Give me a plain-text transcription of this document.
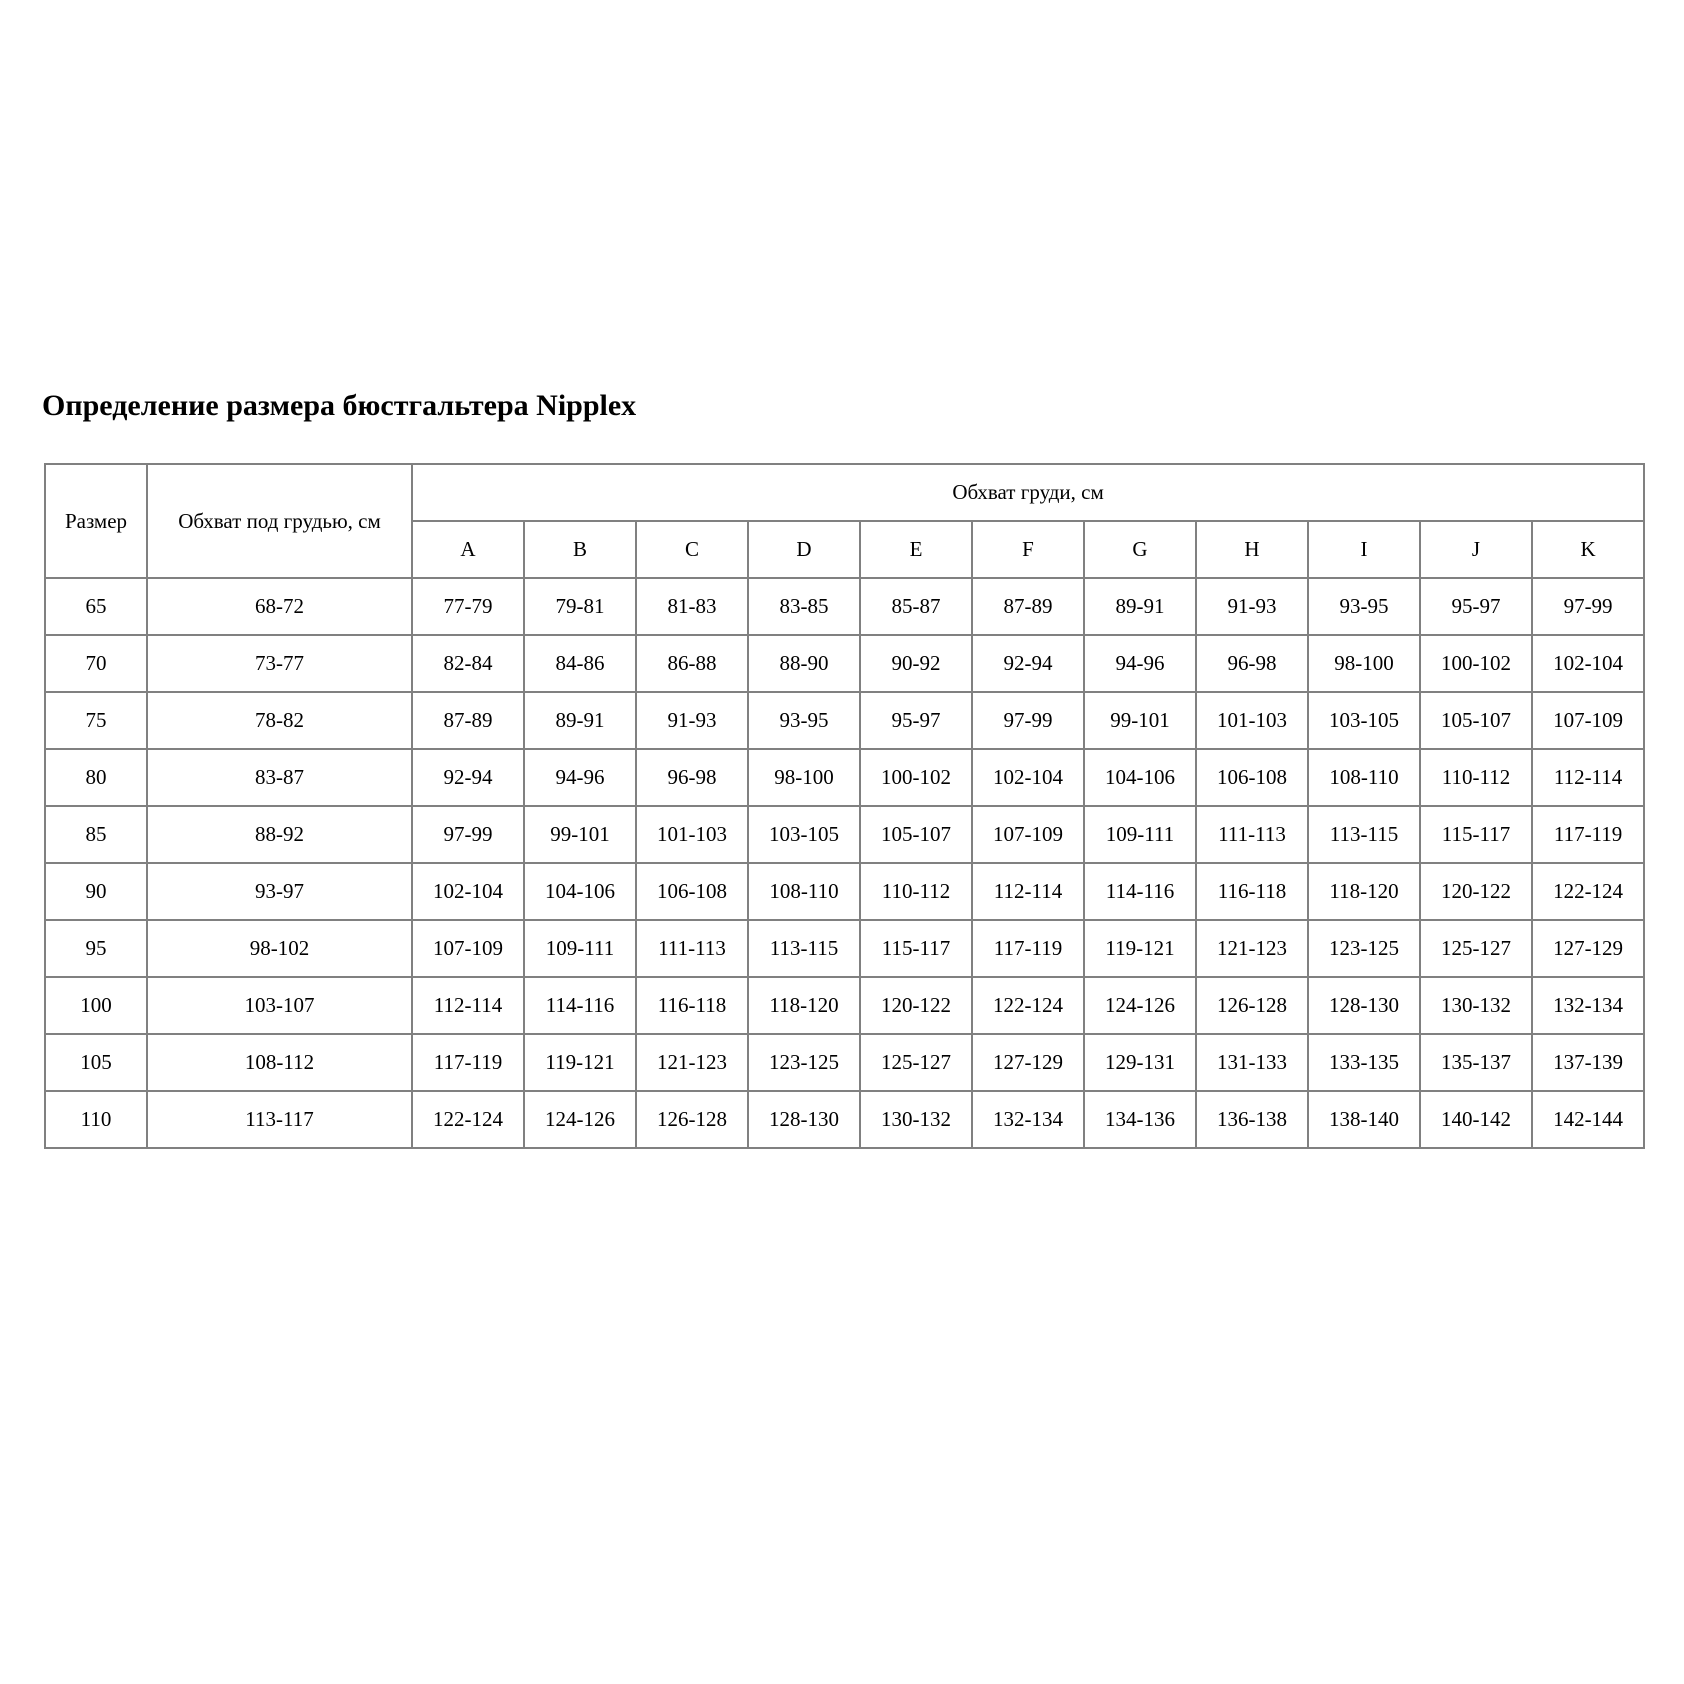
Определение размера бюстгальтера Nipplex
Размер	Обхват под грудью, см	Обхват груди, см										
		A	B	C	D	E	F	G	H	I	J	K
65	68-72	77-79	79-81	81-83	83-85	85-87	87-89	89-91	91-93	93-95	95-97	97-99
70	73-77	82-84	84-86	86-88	88-90	90-92	92-94	94-96	96-98	98-100	100-102	102-104
75	78-82	87-89	89-91	91-93	93-95	95-97	97-99	99-101	101-103	103-105	105-107	107-109
80	83-87	92-94	94-96	96-98	98-100	100-102	102-104	104-106	106-108	108-110	110-112	112-114
85	88-92	97-99	99-101	101-103	103-105	105-107	107-109	109-111	111-113	113-115	115-117	117-119
90	93-97	102-104	104-106	106-108	108-110	110-112	112-114	114-116	116-118	118-120	120-122	122-124
95	98-102	107-109	109-111	111-113	113-115	115-117	117-119	119-121	121-123	123-125	125-127	127-129
100	103-107	112-114	114-116	116-118	118-120	120-122	122-124	124-126	126-128	128-130	130-132	132-134
105	108-112	117-119	119-121	121-123	123-125	125-127	127-129	129-131	131-133	133-135	135-137	137-139
110	113-117	122-124	124-126	126-128	128-130	130-132	132-134	134-136	136-138	138-140	140-142	142-144
